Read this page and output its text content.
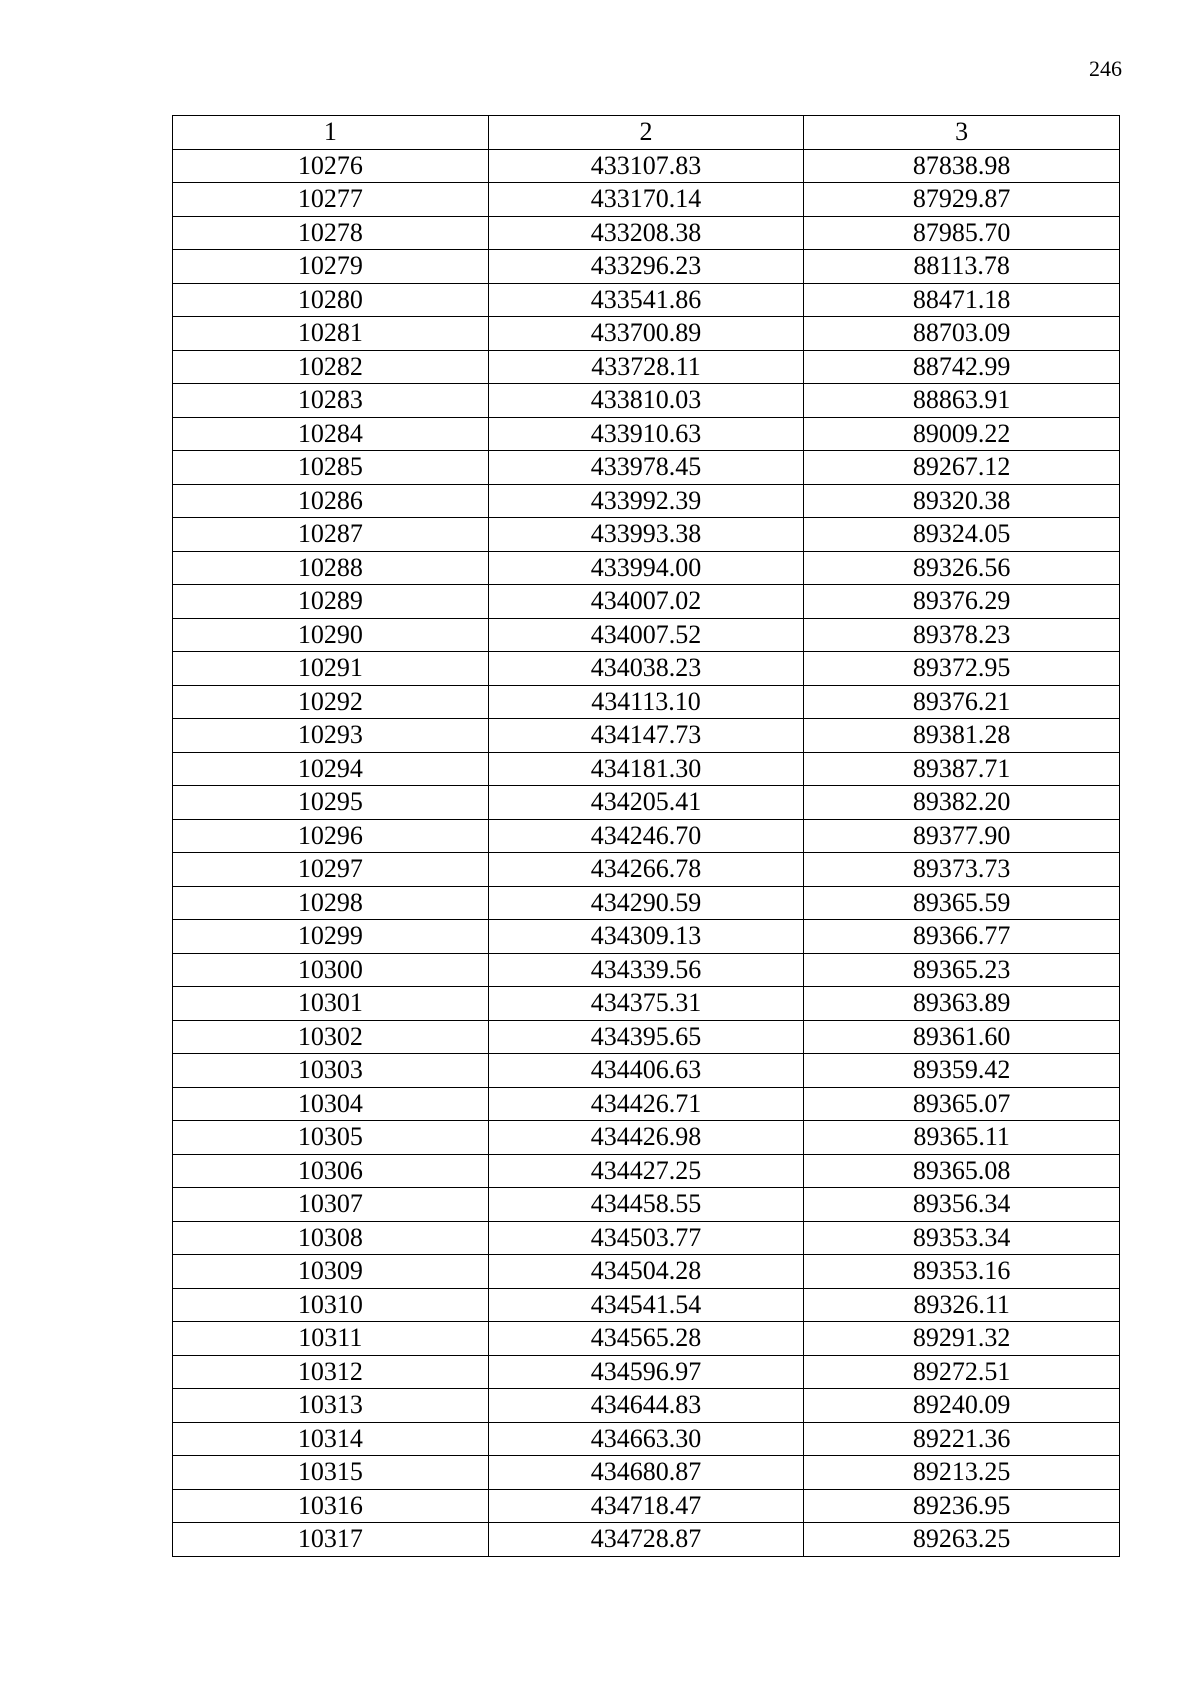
246
1	2	3
10276	433107.83	87838.98
10277	433170.14	87929.87
10278	433208.38	87985.70
10279	433296.23	88113.78
10280	433541.86	88471.18
10281	433700.89	88703.09
10282	433728.11	88742.99
10283	433810.03	88863.91
10284	433910.63	89009.22
10285	433978.45	89267.12
10286	433992.39	89320.38
10287	433993.38	89324.05
10288	433994.00	89326.56
10289	434007.02	89376.29
10290	434007.52	89378.23
10291	434038.23	89372.95
10292	434113.10	89376.21
10293	434147.73	89381.28
10294	434181.30	89387.71
10295	434205.41	89382.20
10296	434246.70	89377.90
10297	434266.78	89373.73
10298	434290.59	89365.59
10299	434309.13	89366.77
10300	434339.56	89365.23
10301	434375.31	89363.89
10302	434395.65	89361.60
10303	434406.63	89359.42
10304	434426.71	89365.07
10305	434426.98	89365.11
10306	434427.25	89365.08
10307	434458.55	89356.34
10308	434503.77	89353.34
10309	434504.28	89353.16
10310	434541.54	89326.11
10311	434565.28	89291.32
10312	434596.97	89272.51
10313	434644.83	89240.09
10314	434663.30	89221.36
10315	434680.87	89213.25
10316	434718.47	89236.95
10317	434728.87	89263.25
